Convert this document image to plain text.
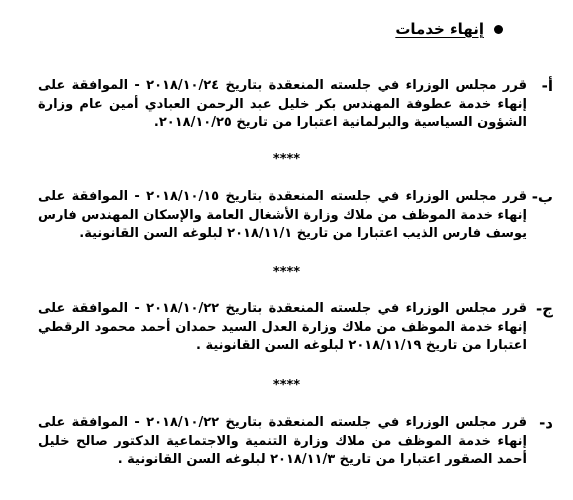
إنهاء خدمات
أ-
قرر مجلس الوزراء في جلسته المنعقدة بتاريخ ٢٠١٨/١٠/٢٤ - الموافقة على إنهاء خدمة عطوفة المهندس بكر خليل عبد الرحمن العبادي أمين عام وزارة الشؤون السياسية والبرلمانية اعتبارا من تاريخ ٢٠١٨/١٠/٢٥.
****
ب-
قرر مجلس الوزراء في جلسته المنعقدة بتاريخ ٢٠١٨/١٠/١٥ - الموافقة على إنهاء خدمة الموظف من ملاك وزارة الأشغال العامة والإسكان المهندس فارس يوسف فارس الذيب اعتبارا من تاريخ ٢٠١٨/١١/١ لبلوغه السن القانونية.
****
ج-
قرر مجلس الوزراء في جلسته المنعقدة بتاريخ ٢٠١٨/١٠/٢٢ - الموافقة على إنهاء خدمة الموظف من ملاك وزارة العدل السيد حمدان أحمد محمود الرقطي اعتبارا من تاريخ ٢٠١٨/١١/١٩ لبلوغه السن القانونية .
****
د-
قرر مجلس الوزراء في جلسته المنعقدة بتاريخ ٢٠١٨/١٠/٢٢ - الموافقة على إنهاء خدمة الموظف من ملاك وزارة التنمية والاجتماعية الدكتور صالح خليل أحمد الصقور اعتبارا من تاريخ ٢٠١٨/١١/٣ لبلوغه السن القانونية .
